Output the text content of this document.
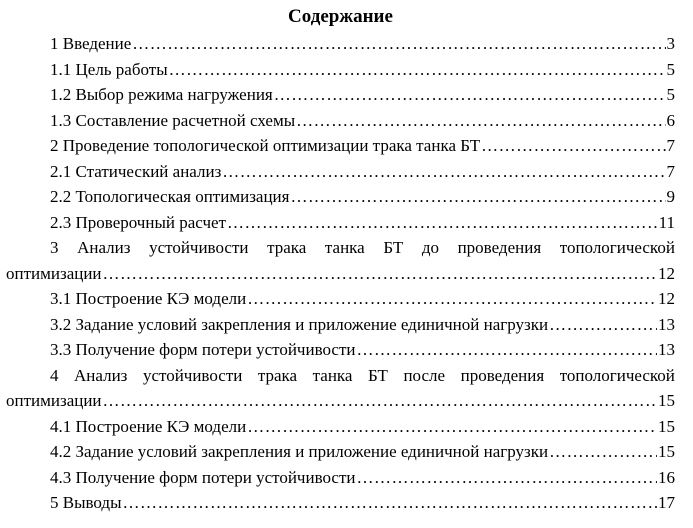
Содержание
1 Введение ……………………………………………………………………………………………………………………………………………………………………………	3
1.1 Цель работы ……………………………………………………………………………………………………………………………………………………………………………	5
1.2 Выбор режима нагружения ……………………………………………………………………………………………………………………………………………………………………………	5
1.3 Составление расчетной схемы ……………………………………………………………………………………………………………………………………………………………………………	6
2 Проведение топологической оптимизации трака танка БТ ……………………………………………………………………………………………………………………………………………………………………………	7
2.1 Статический анализ ……………………………………………………………………………………………………………………………………………………………………………	7
2.2 Топологическая оптимизация ……………………………………………………………………………………………………………………………………………………………………………	9
2.3 Проверочный расчет ……………………………………………………………………………………………………………………………………………………………………………	11
3 Анализ устойчивости трака танка БТ до проведения топологической
оптимизации ……………………………………………………………………………………………………………………………………………………………………………	12
3.1 Построение КЭ модели ……………………………………………………………………………………………………………………………………………………………………………	12
3.2 Задание условий закрепления и приложение единичной нагрузки ……………………………………………………………………………………………………………………………………………………………………………	13
3.3 Получение форм потери устойчивости ……………………………………………………………………………………………………………………………………………………………………………	13
4 Анализ устойчивости трака танка БТ после проведения топологической
оптимизации ……………………………………………………………………………………………………………………………………………………………………………	15
4.1 Построение КЭ модели ……………………………………………………………………………………………………………………………………………………………………………	15
4.2 Задание условий закрепления и приложение единичной нагрузки ……………………………………………………………………………………………………………………………………………………………………………	15
4.3 Получение форм потери устойчивости ……………………………………………………………………………………………………………………………………………………………………………	16
5 Выводы ……………………………………………………………………………………………………………………………………………………………………………	17
